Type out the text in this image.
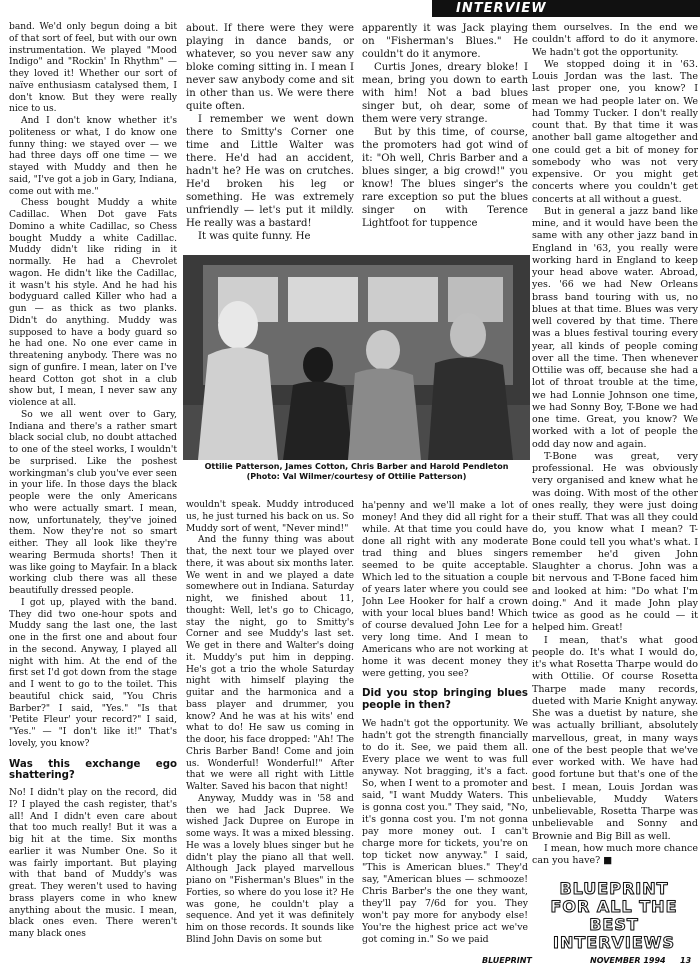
INTERVIEW

band. We'd only begun doing a bit of that sort of feel, but with our own instrumentation. We played "Mood Indigo" and "Rockin' In Rhythm" — they loved it! Whether our sort of naïve enthusiasm catalysed them, I don't know. But they were really nice to us.

And I don't know whether it's politeness or what, I do know one funny thing: we stayed over — we had three days off one time — we stayed with Muddy and then he said, "I've got a job in Gary, Indiana, come out with me."

Chess bought Muddy a white Cadillac. When Dot gave Fats Domino a white Cadillac, so Chess bought Muddy a white Cadillac. Muddy didn't like riding in it normally. He had a Chevrolet wagon. He didn't like the Cadillac, it wasn't his style. And he had his bodyguard called Killer who had a gun — as thick as two planks. Didn't do anything. Muddy was supposed to have a body guard so he had one. No one ever came in threatening anybody. There was no sign of gunfire. I mean, later on I've heard Cotton got shot in a club show but, I mean, I never saw any violence at all.

So we all went over to Gary, Indiana and there's a rather smart black social club, no doubt attached to one of the steel works, I wouldn't be surprised. Like the poshest workingman's club you've ever seen in your life. In those days the black people were the only Americans who were actually smart. I mean, now, unfortunately, they've joined them. Now they're not so smart either. They all look like they're wearing Bermuda shorts! Then it was like going to Mayfair. In a black working club there was all these beautifully dressed people.

I got up, played with the band. They did two one-hour spots and Muddy sang the last one, the last one in the first one and about four in the second. Anyway, I played all night with him. At the end of the first set I'd got down from the stage and I went to go to the toilet. This beautiful chick said, "You Chris Barber?" I said, "Yes." "Is that 'Petite Fleur' your record?" I said, "Yes." — "I don't like it!" That's lovely, you know?

Was this exchange ego shattering?

No! I didn't play on the record, did I? I played the cash register, that's all! And I didn't even care about that too much really! But it was a big hit at the time. Six months earlier it was Number One. So it was fairly important. But playing with that band of Muddy's was great. They weren't used to having brass players come in who knew anything about the music. I mean, black ones even. There weren't many black ones

about. If there were they were playing in dance bands, or whatever, so you never saw any bloke coming sitting in. I mean I never saw anybody come and sit in other than us. We were there quite often.

I remember we went down there to Smitty's Corner one time and Little Walter was there. He'd had an accident, hadn't he? He was on crutches. He'd broken his leg or something. He was extremely unfriendly — let's put it mildly. He really was a bastard!

It was quite funny. He

apparently it was Jack playing on "Fisherman's Blues." He couldn't do it anymore.

Curtis Jones, dreary bloke! I mean, bring you down to earth with him! Not a bad blues singer but, oh dear, some of them were very strange.

But by this time, of course, the promoters had got wind of it: "Oh well, Chris Barber and a blues singer, a big crowd!" you know! The blues singer's the rare exception so put the blues singer on with Terence Lightfoot for tuppence

Ottilie Patterson, James Cotton, Chris Barber and Harold Pendleton
(Photo: Val Wilmer/courtesy of Ottilie Patterson)

wouldn't speak. Muddy introduced us, he just turned his back on us. So Muddy sort of went, "Never mind!"

And the funny thing was about that, the next tour we played over there, it was about six months later. We went in and we played a date somewhere out in Indiana. Saturday night, we finished about 11, thought: Well, let's go to Chicago, stay the night, go to Smitty's Corner and see Muddy's last set. We get in there and Walter's doing it. Muddy's put him in depping. He's got a trio the whole Saturday night with himself playing the guitar and the harmonica and a bass player and drummer, you know? And he was at his wits' end what to do! He saw us coming in the door, his face dropped: "Ah! The Chris Barber Band! Come and join us. Wonderful! Wonderful!" After that we were all right with Little Walter. Saved his bacon that night!

Anyway, Muddy was in '58 and then we had Jack Dupree. We wished Jack Dupree on Europe in some ways. It was a mixed blessing. He was a lovely blues singer but he didn't play the piano all that well. Although Jack played marvellous piano on "Fisherman's Blues" in the Forties, so where do you lose it? He was gone, he couldn't play a sequence. And yet it was definitely him on those records. It sounds like Blind John Davis on some but

ha'penny and we'll make a lot of money! And they did all right for a while. At that time you could have done all right with any moderate trad thing and blues singers seemed to be quite acceptable. Which led to the situation a couple of years later where you could see John Lee Hooker for half a crown with your local blues band! Which of course devalued John Lee for a very long time. And I mean to Americans who are not working at home it was decent money they were getting, you see?

Did you stop bringing blues people in then?

We hadn't got the opportunity. We hadn't got the strength financially to do it. See, we paid them all. Every place we went to was full anyway. Not bragging, it's a fact. So, when I went to a promoter and said, "I want Muddy Waters. This is gonna cost you." They said, "No, it's gonna cost you. I'm not gonna pay more money out. I can't charge more for tickets, you're on top ticket now anyway." I said, "This is American blues." They'd say, "American blues — schmooze! Chris Barber's the one they want, they'll pay 7/6d for you. They won't pay more for anybody else! You're the highest price act we've got coming in." So we paid

them ourselves. In the end we couldn't afford to do it anymore. We hadn't got the opportunity.

We stopped doing it in '63. Louis Jordan was the last. The last proper one, you know? I mean we had people later on. We had Tommy Tucker. I don't really count that. By that time it was another ball game altogether and one could get a bit of money for somebody who was not very expensive. Or you might get concerts where you couldn't get concerts at all without a guest.

But in general a jazz band like mine, and it would have been the same with any other jazz band in England in '63, you really were working hard in England to keep your head above water. Abroad, yes. '66 we had New Orleans brass band touring with us, no blues at that time. Blues was very well covered by that time. There was a blues festival touring every year, all kinds of people coming over all the time. Then whenever Ottilie was off, because she had a lot of throat trouble at the time, we had Lonnie Johnson one time, we had Sonny Boy, T-Bone we had one time. Great, you know? We worked with a lot of people the odd day now and again.

T-Bone was great, very professional. He was obviously very organised and knew what he was doing. With most of the other ones really, they were just doing their stuff. That was all they could do, you know what I mean? T-Bone could tell you what's what. I remember he'd given John Slaughter a chorus. John was a bit nervous and T-Bone faced him and looked at him: "Do what I'm doing." And it made John play twice as good as he could — it helped him. Great!

I mean, that's what good people do. It's what I would do, it's what Rosetta Tharpe would do with Ottilie. Of course Rosetta Tharpe made many records, dueted with Marie Knight anyway. She was a duetist by nature, she was actually brilliant, absolutely marvellous, great, in many ways one of the best people that we've ever worked with. We have had good fortune but that's one of the best. I mean, Louis Jordan was unbelievable, Muddy Waters unbelievable, Rosetta Tharpe was unbelievable and Sonny and Brownie and Big Bill as well.

I mean, how much more chance can you have? ■

BLUEPRINT
FOR ALL THE
BEST
INTERVIEWS
BLUEPRINT	NOVEMBER 1994 13
